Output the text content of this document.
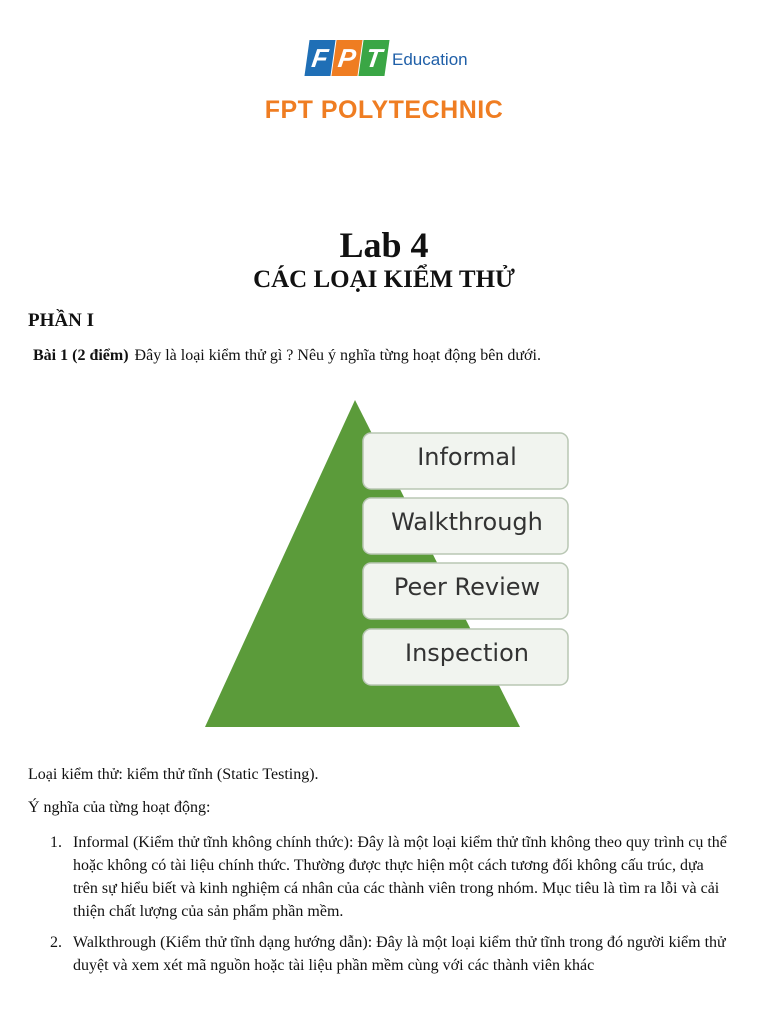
F P T Education
FPT POLYTECHNIC
Lab 4
CÁC LOẠI KIỂM THỬ
PHẦN I
Bài 1 (2 điểm) Đây là loại kiểm thử gì ? Nêu ý nghĩa từng hoạt động bên dưới.
Informal
Walkthrough
Peer Review
Inspection
Loại kiểm thử: kiểm thử tĩnh (Static Testing).
Ý nghĩa của từng hoạt động:
1. Informal (Kiểm thử tĩnh không chính thức): Đây là một loại kiểm thử tĩnh không theo quy trình cụ thể hoặc không có tài liệu chính thức. Thường được thực hiện một cách tương đối không cấu trúc, dựa trên sự hiểu biết và kinh nghiệm cá nhân của các thành viên trong nhóm. Mục tiêu là tìm ra lỗi và cải thiện chất lượng của sản phẩm phần mềm.
2. Walkthrough (Kiểm thử tĩnh dạng hướng dẫn): Đây là một loại kiểm thử tĩnh trong đó người kiểm thử duyệt và xem xét mã nguồn hoặc tài liệu phần mềm cùng với các thành viên khác
